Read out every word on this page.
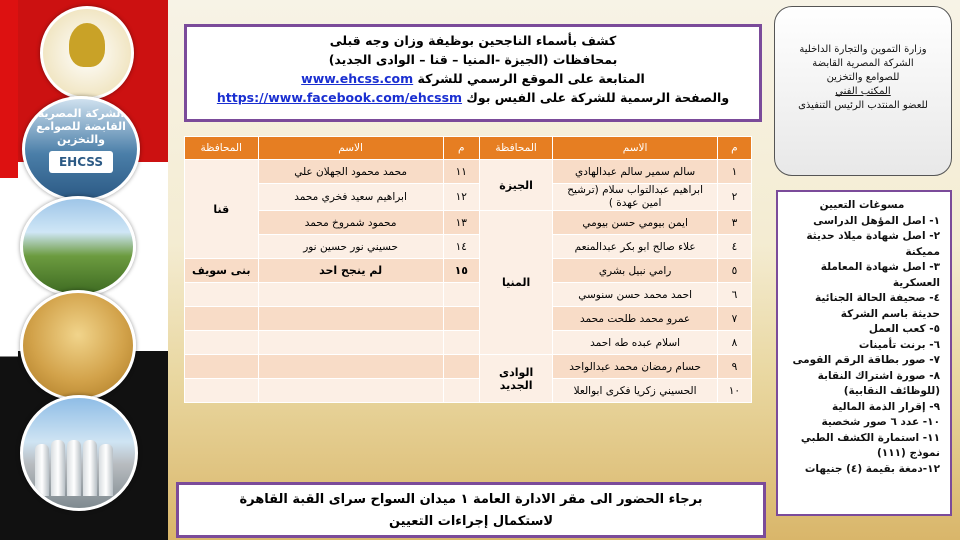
الشركة المصرية القابضة للصوامع والتخزين
EHCSS
كشف بأسماء الناجحين بوظيفة وزان وجه قبلى
بمحافظات (الجيزة -المنيا – قنا – الوادى الجديد)
المتابعة على الموقع الرسمي للشركة www.ehcss.com
والصفحة الرسمية للشركة على الفيس بوك https://www.facebook.com/ehcssm
وزارة التموين والتجارة الداخلية
الشركة المصرية القابضة
للصوامع والتخزين
المكتب الفني
للعضو المنتدب الرئيس التنفيذى
م	الاسم	المحافظة	م	الاسم	المحافظة
١	سالم سمير سالم عبدالهادي	الجيزة	١١	محمد محمود الجهلان علي	قنا
٢	ابراهيم عبدالتواب سلام (ترشيح امين عهدة )		١٢	ابراهيم سعيد فخري محمد	
٣	ايمن بيومي حسن بيومي	المنيا	١٣	محمود شمروخ محمد	
٤	علاء صالح ابو بكر عبدالمنعم		١٤	حسيني نور حسين نور	
٥	رامي نبيل بشري		١٥	لم ينجح احد	بنى سويف
٦	احمد محمد حسن سنوسي				
٧	عمرو محمد طلحت محمد				
٨	اسلام عبده طه احمد				
٩	حسام رمضان محمد عبدالواحد	الوادى الجديد			
١٠	الحسيني زكريا فكرى ابوالعلا				
مسوغات التعيين
١- اصل المؤهل الدراسى
٢- اصل شهادة ميلاد حديثة مميكنة
٣- اصل شهادة المعاملة العسكرية
٤- صحيفة الحالة الجنائية حديثة باسم الشركة
٥- كعب العمل
٦- برنت تأمينات
٧- صور بطاقة الرقم القومى
٨- صورة اشتراك النقابة (للوظائف النقابية)
٩- إقرار الذمة المالية
١٠- عدد ٦ صور شخصية
١١- استمارة الكشف الطبي نموذج (١١١)
١٢-دمغة بقيمة (٤) جنيهات
برجاء الحضور الى مقر الادارة العامة ١ ميدان السواح سراى القبة القاهرة
لاستكمال إجراءات التعيين
